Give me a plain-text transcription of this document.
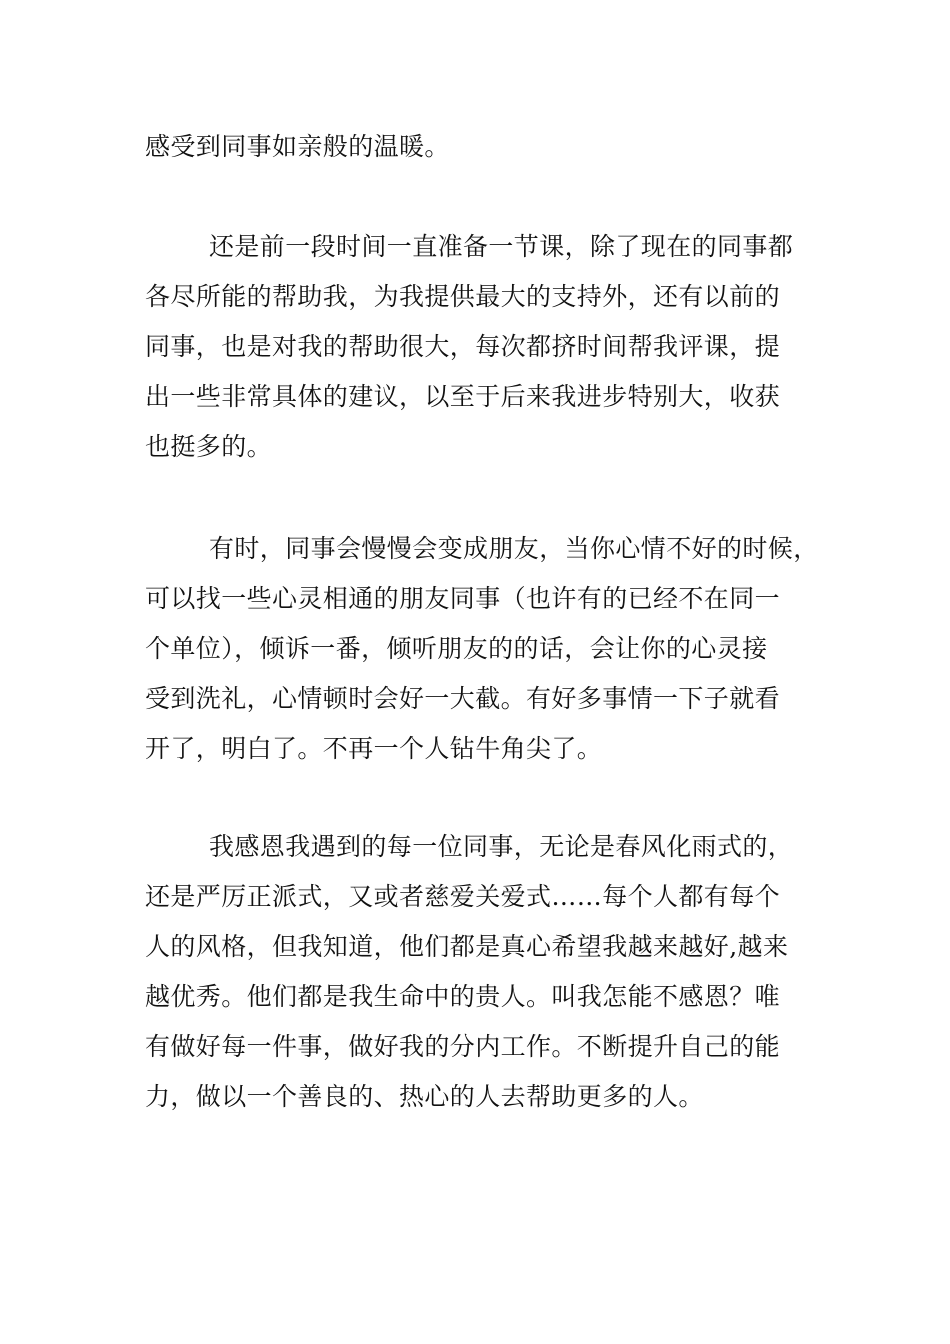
感受到同事如亲般的温暖。

还是前一段时间一直准备一节课，除了现在的同事都
各尽所能的帮助我，为我提供最大的支持外，还有以前的
同事，也是对我的帮助很大，每次都挤时间帮我评课，提
出一些非常具体的建议，以至于后来我进步特别大，收获
也挺多的。

有时，同事会慢慢会变成朋友，当你心情不好的时候，
可以找一些心灵相通的朋友同事（也许有的已经不在同一
个单位），倾诉一番，倾听朋友的的话，会让你的心灵接
受到洗礼，心情顿时会好一大截。有好多事情一下子就看
开了，明白了。不再一个人钻牛角尖了。

我感恩我遇到的每一位同事，无论是春风化雨式的，
还是严厉正派式，又或者慈爱关爱式……每个人都有每个
人的风格，但我知道，他们都是真心希望我越来越好,越来
越优秀。他们都是我生命中的贵人。叫我怎能不感恩？唯
有做好每一件事，做好我的分内工作。不断提升自己的能
力，做以一个善良的、热心的人去帮助更多的人。
